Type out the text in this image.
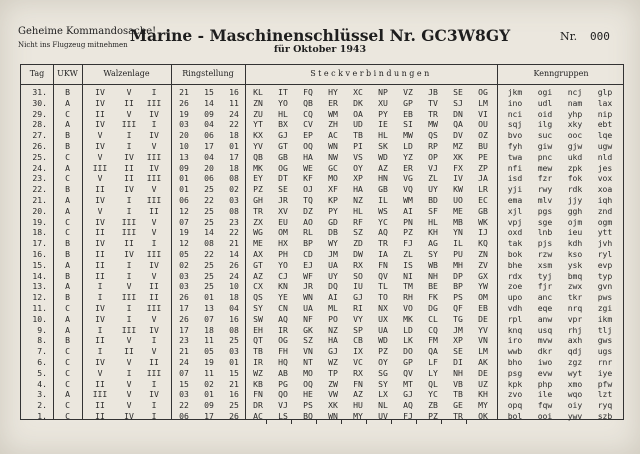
Geheime Kommandosache!
Nicht ins Flugzeug mitnehmen Marine - Maschinenschlüssel Nr. GC3W8GY
für Oktober 1943
Nr. 000
Tag	UKW	Walzenlage	Ringstellung	Steckverbindungen	Kenngruppen
31.	B	IV	V	I	21	15	16	KL	IT	FQ	HY	XC	NP	VZ	JB	SE	OG	jkm	ogi	ncj	glp
30.	A	IV	II	III	26	14	11	ZN	YO	QB	ER	DK	XU	GP	TV	SJ	LM	ino	udl	nam	lax
29.	C	II	V	IV	19	09	24	ZU	HL	CQ	WM	OA	PY	EB	TR	DN	VI	nci	oid	yhp	nip
28.	A	IV	III	I	03	04	22	YT	BX	CV	ZH	UD	IE	SI	MW	QA	OU	sqj	ilg	xky	ebt
27.	B	V	I	IV	20	06	18	KX	GJ	EP	AC	TB	HL	MW	QS	DV	OZ	bvo	suc	ooc	lqe
26.	B	IV	I	V	10	17	01	YV	GT	OQ	WN	PI	SK	LD	RP	MZ	BU	fyh	giw	gjw	ugw
25.	C	V	IV	III	13	04	17	QB	GB	HA	NW	VS	WD	YZ	OP	XK	PE	twa	pnc	ukd	nld
24.	A	III	II	IV	09	20	18	MK	OG	WE	GC	OY	AZ	ER	VJ	FX	ZP	nfi	mew	zpk	jes
23.	C	V	II	III	01	06	08	EY	DT	KF	MO	XP	HN	VG	ZL	IV	JA	isd	fzr	fok	vox
22.	B	II	IV	V	01	25	02	PZ	SE	OJ	XF	HA	GB	VQ	UY	KW	LR	yji	rwy	rdk	xoa
21.	A	IV	I	III	06	22	03	GH	JR	TQ	KP	NZ	IL	WM	BD	UO	EC	ema	mlv	jjy	iqh
20.	A	V	I	II	12	25	08	TR	XV	DZ	PY	HL	WS	AI	SF	ME	GB	xjl	pgs	ggh	znd
19.	C	IV	III	V	07	25	23	ZX	EU	AO	GD	RF	YC	PN	HL	MB	WK	vpj	sge	ojm	ogm
18.	C	II	III	V	19	14	22	WG	OM	RL	DB	SZ	AQ	PZ	KH	YN	IJ	oxd	lnb	ieu	ytt
17.	B	IV	II	I	12	08	21	ME	HX	BP	WY	ZD	TR	FJ	AG	IL	KQ	tak	pjs	kdh	jvh
16.	B	II	IV	III	05	22	14	AX	PH	CD	JM	DW	IA	ZL	SY	PU	ZN	bok	rzw	kso	ryl
15.	A	II	I	IV	02	25	26	GT	YO	EJ	UA	RX	FN	IS	WB	MH	ZV	bhe	xsm	ysk	evp
14.	B	II	I	V	03	25	24	AZ	CJ	WF	UY	SO	QV	NI	NH	DP	GX	rdx	tyj	bmq	typ
13.	A	I	V	II	03	25	10	CX	KN	JR	DQ	IU	TL	TM	BE	BP	YW	zoe	fjr	zwx	gvn
12.	B	I	III	II	26	01	18	QS	YE	WN	AI	GJ	TO	RH	FK	PS	OM	upo	anc	tkr	pws
11.	C	IV	I	III	17	13	04	SY	CN	UA	ML	RI	NX	VO	DG	QF	EB	vdh	eqe	nrq	zgi
10.	A	IV	I	V	26	07	16	SW	AQ	NF	PO	VY	UX	MK	CL	TG	DE	rpl	anw	vpr	ikm
9.	A	I	III	IV	17	18	08	EH	IR	GK	NZ	SP	UA	LD	CQ	JM	YV	knq	usq	rhj	tlj
8.	B	II	V	I	23	11	25	QT	OG	SZ	HA	CB	WD	LK	FM	XP	VN	iro	mvw	axh	gws
7.	C	I	II	V	21	05	03	TB	FH	VN	GJ	IX	PZ	DO	QA	SE	LM	wwb	dkr	qdj	ugs
6.	C	IV	V	II	24	19	01	IR	HQ	NT	WZ	VC	OY	GP	LF	DI	AK	bho	iwo	zgz	rnr
5.	C	V	I	III	07	11	15	WZ	AB	MO	TP	RX	SG	QV	LY	NH	DE	psg	evw	wyt	iye
4.	C	II	V	I	15	02	21	KB	PG	OQ	ZW	FN	SY	MT	QL	VB	UZ	kpk	php	xmo	pfw
3.	A	III	V	IV	03	01	16	FN	QO	HE	VW	AZ	LX	GJ	YC	TB	KH	zvo	ile	wqo	lzt
2.	C	II	V	I	22	09	25	DR	VJ	PS	XK	HU	NL	AQ	ZB	GE	MY	opq	fqw	oiy	ryq
1.	C	II	IV	I	06	17	26	AC	LS	BQ	WN	MY	UV	FJ	PZ	TR	OK	bol	ooi	ywv	szb
